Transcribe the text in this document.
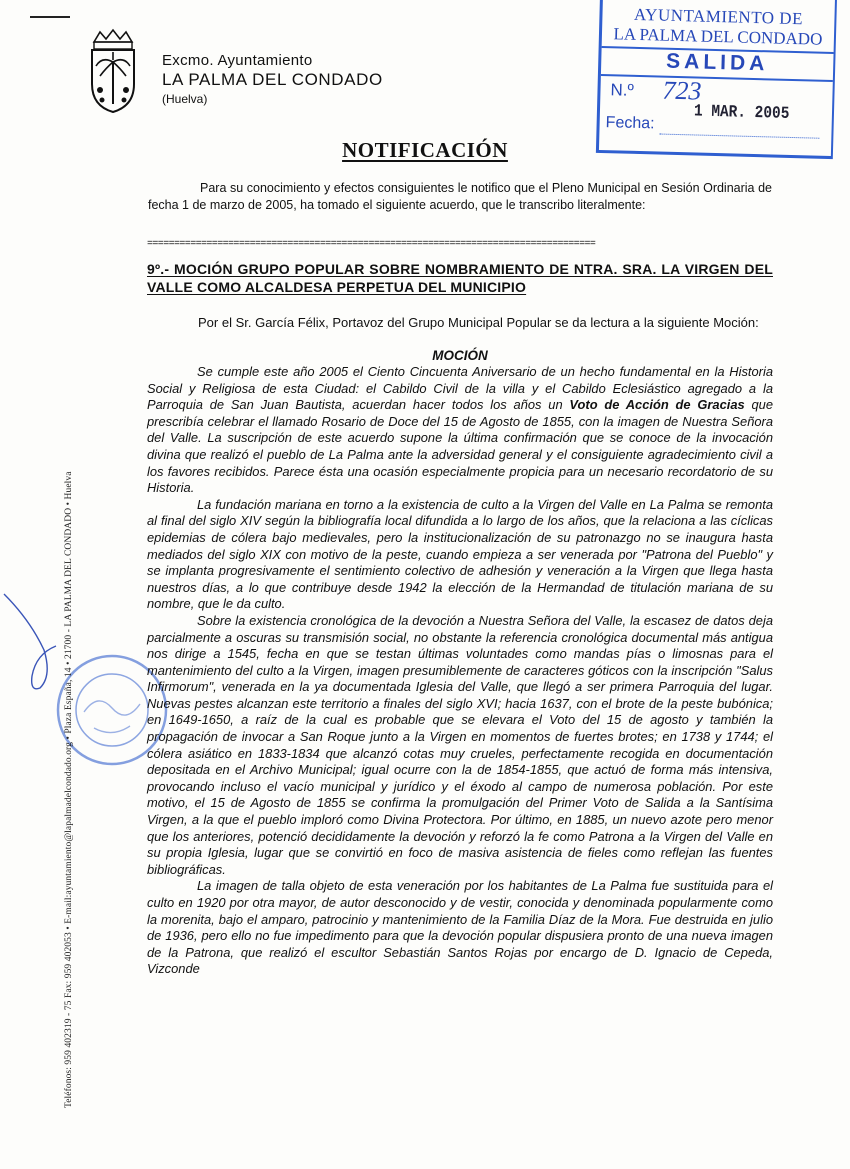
Excmo. Ayuntamiento
LA PALMA DEL CONDADO
(Huelva)
AYUNTAMIENTO DE
LA PALMA DEL CONDADO
SALIDA
N.º 723
Fecha: 1 MAR. 2005
Teléfonos: 959 402319 - 75 Fax: 959 402053 • E-mail:ayuntamiento@lapalmadelcondado.org • Plaza España, 14 • 21700 - LA PALMA DEL CONDADO • Huelva
NOTIFICACIÓN
Para su conocimiento y efectos consiguientes le notifico que el Pleno Municipal en Sesión Ordinaria de fecha 1 de marzo de 2005, ha tomado el siguiente acuerdo, que le transcribo literalmente:
===================================================================================
9º.- MOCIÓN GRUPO POPULAR SOBRE NOMBRAMIENTO DE NTRA. SRA. LA VIRGEN DEL VALLE COMO ALCALDESA PERPETUA DEL MUNICIPIO
Por el Sr. García Félix, Portavoz del Grupo Municipal Popular se da lectura a la siguiente Moción:
MOCIÓN

Se cumple este año 2005 el Ciento Cincuenta Aniversario de un hecho fundamental en la Historia Social y Religiosa de esta Ciudad: el Cabildo Civil de la villa y el Cabildo Eclesiástico agregado a la Parroquia de San Juan Bautista, acuerdan hacer todos los años un Voto de Acción de Gracias que prescribía celebrar el llamado Rosario de Doce del 15 de Agosto de 1855, con la imagen de Nuestra Señora del Valle. La suscripción de este acuerdo supone la última confirmación que se conoce de la invocación divina que realizó el pueblo de La Palma ante la adversidad general y el consiguiente agradecimiento civil a los favores recibidos. Parece ésta una ocasión especialmente propicia para un necesario recordatorio de su Historia.

La fundación mariana en torno a la existencia de culto a la Virgen del Valle en La Palma se remonta al final del siglo XIV según la bibliografía local difundida a lo largo de los años, que la relaciona a las cíclicas epidemias de cólera bajo medievales, pero la institucionalización de su patronazgo no se inaugura hasta mediados del siglo XIX con motivo de la peste, cuando empieza a ser venerada por "Patrona del Pueblo" y se implanta progresivamente el sentimiento colectivo de adhesión y veneración a la Virgen que llega hasta nuestros días, a lo que contribuye desde 1942 la elección de la Hermandad de titulación mariana de su nombre, que le da culto.

Sobre la existencia cronológica de la devoción a Nuestra Señora del Valle, la escasez de datos deja parcialmente a oscuras su transmisión social, no obstante la referencia cronológica documental más antigua nos dirige a 1545, fecha en que se testan últimas voluntades como mandas pías o limosnas para el mantenimiento del culto a la Virgen, imagen presumiblemente de caracteres góticos con la inscripción "Salus Infirmorum", venerada en la ya documentada Iglesia del Valle, que llegó a ser primera Parroquia del lugar. Nuevas pestes alcanzan este territorio a finales del siglo XVI; hacia 1637, con el brote de la peste bubónica; en 1649-1650, a raíz de la cual es probable que se elevara el Voto del 15 de agosto y también la propagación de invocar a San Roque junto a la Virgen en momentos de fuertes brotes; en 1738 y 1744; el cólera asiático en 1833-1834 que alcanzó cotas muy crueles, perfectamente recogida en documentación depositada en el Archivo Municipal; igual ocurre con la de 1854-1855, que actuó de forma más intensiva, provocando incluso el vacío municipal y jurídico y el éxodo al campo de numerosa población. Por este motivo, el 15 de Agosto de 1855 se confirma la promulgación del Primer Voto de Salida a la Santísima Virgen, a la que el pueblo imploró como Divina Protectora. Por último, en 1885, un nuevo azote pero menor que los anteriores, potenció decididamente la devoción y reforzó la fe como Patrona a la Virgen del Valle en su propia Iglesia, lugar que se convirtió en foco de masiva asistencia de fieles como reflejan las fuentes bibliográficas.

La imagen de talla objeto de esta veneración por los habitantes de La Palma fue sustituida para el culto en 1920 por otra mayor, de autor desconocido y de vestir, conocida y denominada popularmente como la morenita, bajo el amparo, patrocinio y mantenimiento de la Familia Díaz de la Mora. Fue destruida en julio de 1936, pero ello no fue impedimento para que la devoción popular dispusiera pronto de una nueva imagen de la Patrona, que realizó el escultor Sebastián Santos Rojas por encargo de D. Ignacio de Cepeda, Vizconde
